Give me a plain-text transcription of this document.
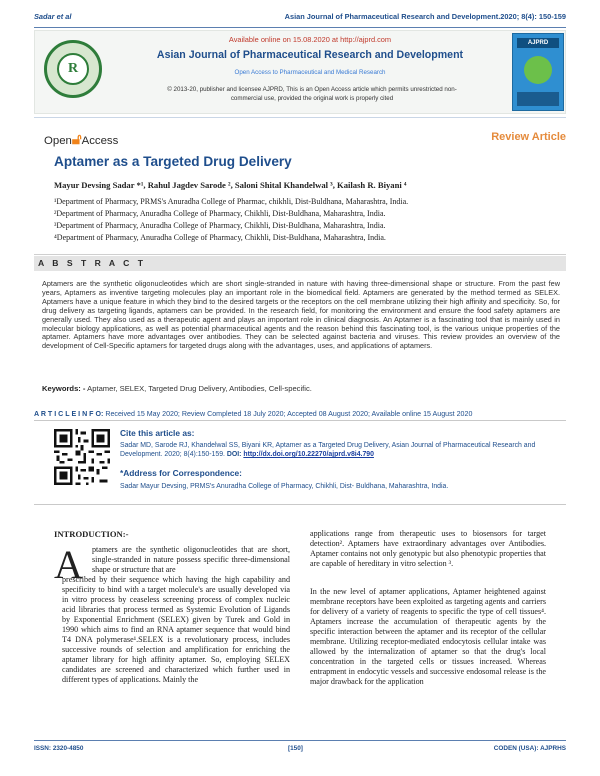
Sadar et al	Asian Journal of Pharmaceutical Research and Development.2020; 8(4): 150-159
R
Available online on 15.08.2020 at http://ajprd.com
Asian Journal of Pharmaceutical Research and Development
Open Access to Pharmaceutical and Medical Research
© 2013-20, publisher and licensee AJPRD, This is an Open Access article which permits unrestricted non-
commercial use, provided the original work is properly cited
AJPRD
Open🔓︎Access	Review Article
Aptamer as a Targeted Drug Delivery
Mayur Devsing Sadar *¹, Rahul Jagdev Sarode ², Saloni Shital Khandelwal ³, Kailash R. Biyani ⁴
¹Department of Pharmacy, PRMS's Anuradha College of Pharmac, chikhli, Dist-Buldhana, Maharashtra, India.
²Department of Pharmacy, Anuradha College of Pharmacy, Chikhli, Dist-Buldhana, Maharashtra, India.
³Department of Pharmacy, Anuradha College of Pharmacy, Chikhli, Dist-Buldhana, Maharashtra, India.
⁴Department of Pharmacy, Anuradha College of Pharmacy, Chikhli, Dist-Buldhana, Maharashtra, India.
A B S T R A C T
Aptamers are the synthetic oligonucleotides which are short single-stranded in nature with having three-dimensional shape or structure. From the past few years, Aptamers as inventive targeting molecules play an important role in the biomedical field. Aptamers are generated by the method termed as SELEX. Aptamers have a unique feature in which they bind to the desired targets or the receptors on the cell membrane utilizing their high affinity and specificity. So, for drug delivery as targeting ligands, aptamers can be provided. In the research field, for monitoring the environment and ensure the food safety aptamers are generally used. They also used as a therapeutic agent and plays an important role in clinical diagnosis. An Aptamer is a fascinating tool that is mainly used in molecular biology applications, as well as potential pharmaceutical agents and the reason behind this fascinating tool, is the various unique properties of the aptamer. Aptamers have more advantages over antibodies. They can be selected against bacteria and viruses. This review provides an overview of the development of Cell-Specific aptamers for targeted drugs along with the advantages, uses, and applications of aptamers.
Keywords: - Aptamer, SELEX, Targeted Drug Delivery, Antibodies, Cell-specific.
A R T I C L E I N F O: Received 15 May 2020; Review Completed 18 July 2020; Accepted 08 August 2020; Available online 15 August 2020
Cite this article as:
Sadar MD, Sarode RJ, Khandelwal SS, Biyani KR, Aptamer as a Targeted Drug Delivery, Asian Journal of Pharmaceutical Research and Development. 2020; 8(4):150-159. DOI: http://dx.doi.org/10.22270/ajprd.v8i4.790
*Address for Correspondence:
Sadar Mayur Devsing, PRMS's Anuradha College of Pharmacy, Chikhli, Dist- Buldhana, Maharashtra, India.
INTRODUCTION:-
A ptamers are the synthetic oligonucleotides that are short, single-stranded in nature possess specific three-dimensional shape or structure that are
prescribed by their sequence which having the high capability and specificity to bind with a target molecule's are usually developed via in vitro process by ceaseless screening process of complex nucleic acid libraries that process termed as Systemic Evolution of Ligands by Exponential Enrichment (SELEX) given by Turek and Gold in 1990 which aims to find an RNA aptamer sequence that would bind T4 DNA polymerase¹.SELEX is a revolutionary process, includes successive rounds of selection and amplification for enriching the aptamer library for high affinity aptamer. So, employing SELEX candidates are screened and characterized which further used in different types of applications. Mainly the
applications range from therapeutic uses to biosensors for target detection². Aptamers have extraordinary advantages over Antibodies. Aptamer contains not only genotypic but also phenotypic properties that are capable of hereditary in vitro selection ³.
In the new level of aptamer applications, Aptamer heightened against membrane receptors have been exploited as targeting agents and carriers for delivery of a variety of reagents to specific the type of cell tissues⁴. Aptamers increase the accumulation of therapeutic agents by the specific interaction between the aptamer and its receptor of the cellular membrane. Utilizing receptor-mediated endocytosis cellular intake was allowed by the internalization of aptamer so that the drug's local concentration in the targeted cells or tissues increased. Whereas entrapment in endocytic vessels and successive endosomal release is the major drawback for the application
ISSN: 2320-4850	[150]	CODEN (USA): AJPRHS
